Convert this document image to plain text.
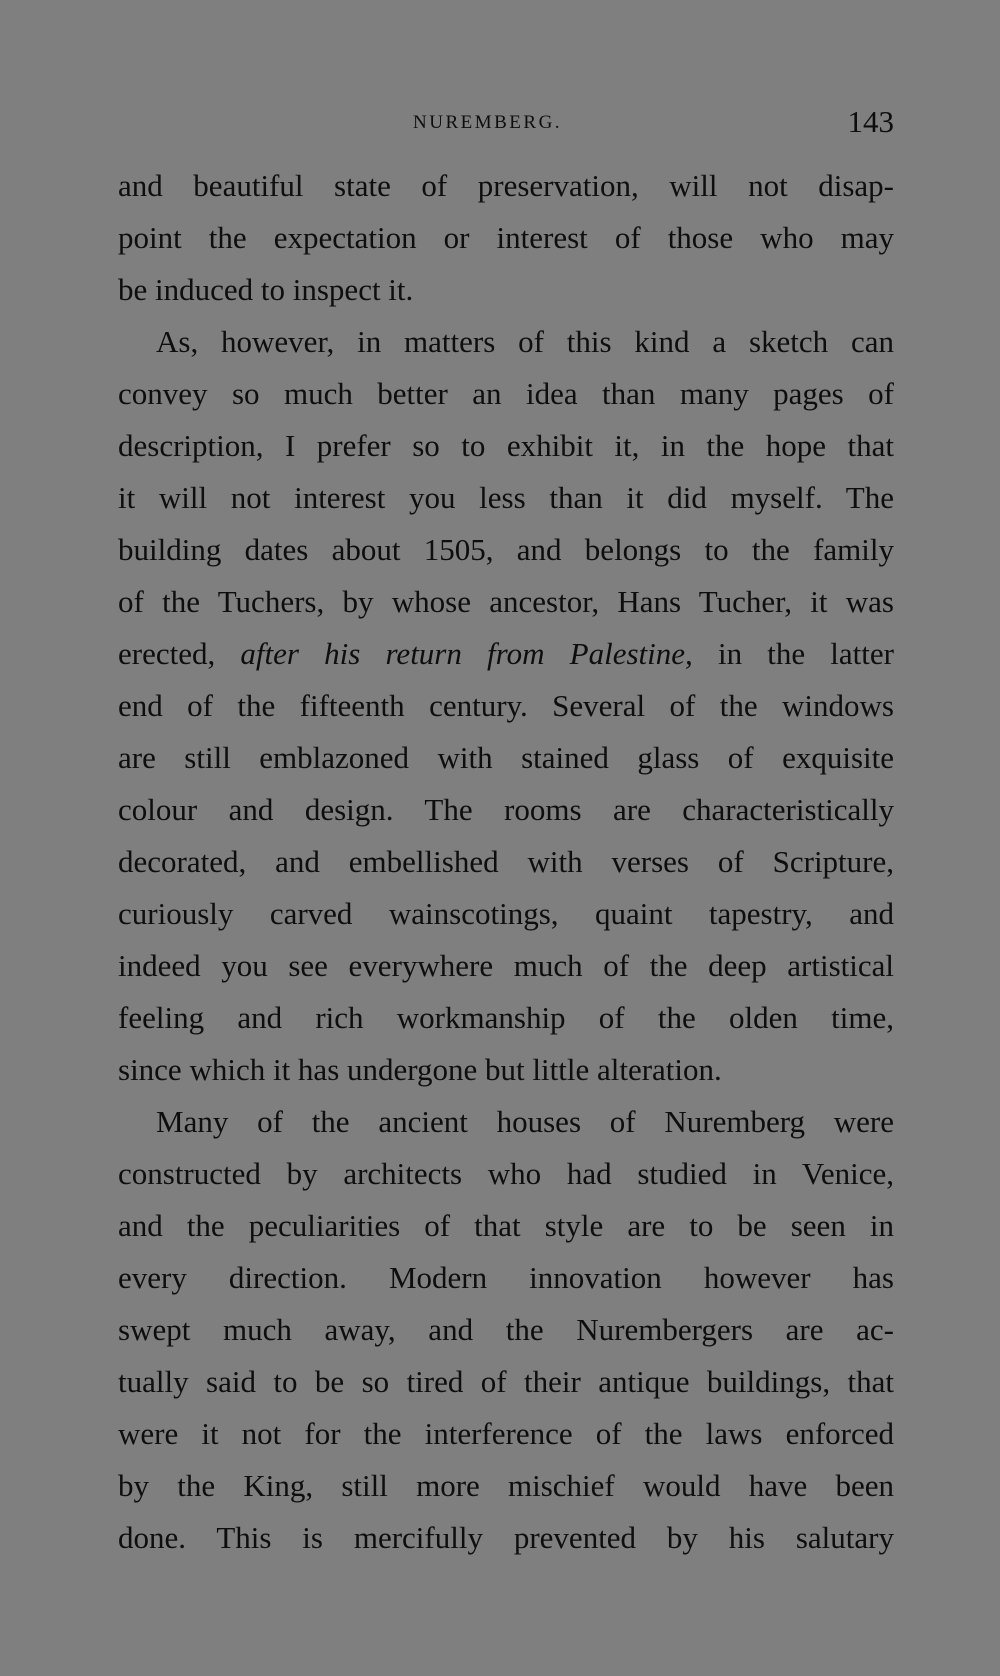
NUREMBERG.	143
and beautiful state of preservation, will not disap-
point the expectation or interest of those who may
be induced to inspect it.
As, however, in matters of this kind a sketch can
convey so much better an idea than many pages of
description, I prefer so to exhibit it, in the hope that
it will not interest you less than it did myself. The
building dates about 1505, and belongs to the family
of the Tuchers, by whose ancestor, Hans Tucher, it was
erected, after his return from Palestine, in the latter
end of the fifteenth century. Several of the windows
are still emblazoned with stained glass of exquisite
colour and design. The rooms are characteristically
decorated, and embellished with verses of Scripture,
curiously carved wainscotings, quaint tapestry, and
indeed you see everywhere much of the deep artistical
feeling and rich workmanship of the olden time,
since which it has undergone but little alteration.
Many of the ancient houses of Nuremberg were
constructed by architects who had studied in Venice,
and the peculiarities of that style are to be seen in
every direction. Modern innovation however has
swept much away, and the Nurembergers are ac-
tually said to be so tired of their antique buildings, that
were it not for the interference of the laws enforced
by the King, still more mischief would have been
done. This is mercifully prevented by his salutary
